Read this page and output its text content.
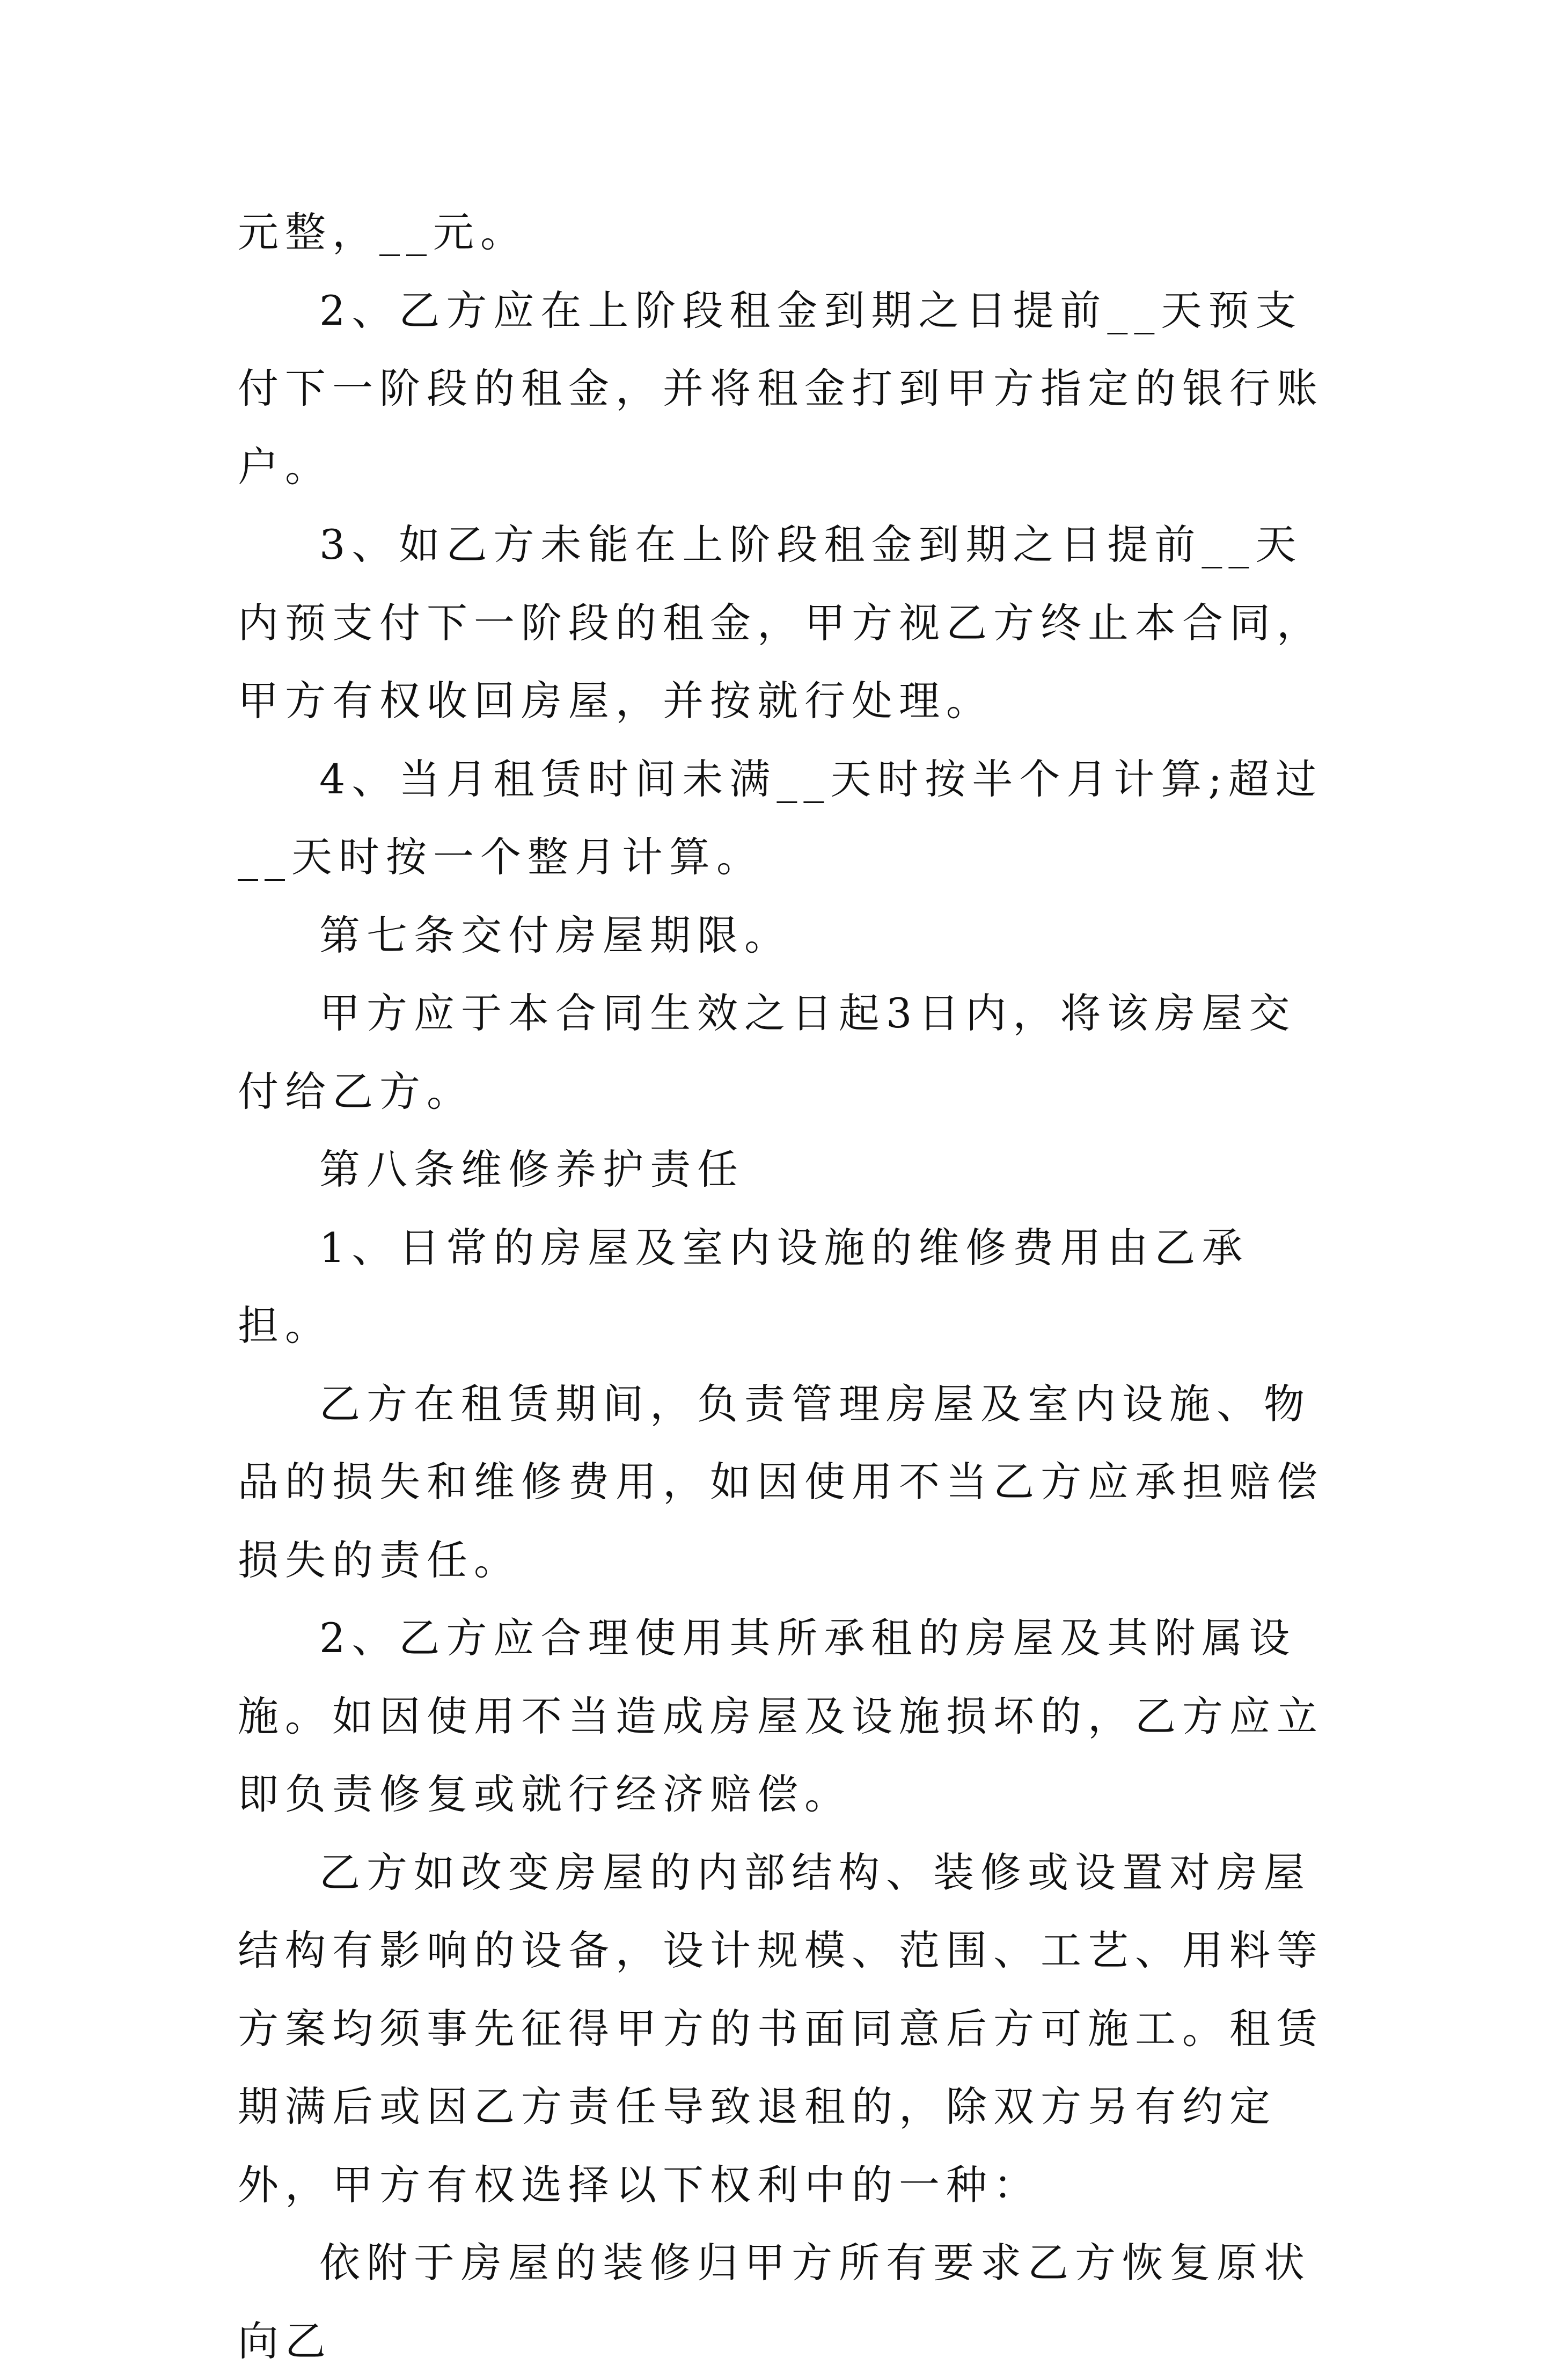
元整，__元。

2、乙方应在上阶段租金到期之日提前__天预支付下一阶段的租金，并将租金打到甲方指定的银行账户。

3、如乙方未能在上阶段租金到期之日提前__天内预支付下一阶段的租金，甲方视乙方终止本合同，甲方有权收回房屋，并按就行处理。

4、当月租赁时间未满__天时按半个月计算;超过__天时按一个整月计算。

第七条交付房屋期限。

甲方应于本合同生效之日起3日内，将该房屋交付给乙方。

第八条维修养护责任

1、日常的房屋及室内设施的维修费用由乙承担。

乙方在租赁期间，负责管理房屋及室内设施、物品的损失和维修费用，如因使用不当乙方应承担赔偿损失的责任。

2、乙方应合理使用其所承租的房屋及其附属设施。如因使用不当造成房屋及设施损坏的，乙方应立即负责修复或就行经济赔偿。

乙方如改变房屋的内部结构、装修或设置对房屋结构有影响的设备，设计规模、范围、工艺、用料等方案均须事先征得甲方的书面同意后方可施工。租赁期满后或因乙方责任导致退租的，除双方另有约定外，甲方有权选择以下权利中的一种：

依附于房屋的装修归甲方所有要求乙方恢复原状向乙
